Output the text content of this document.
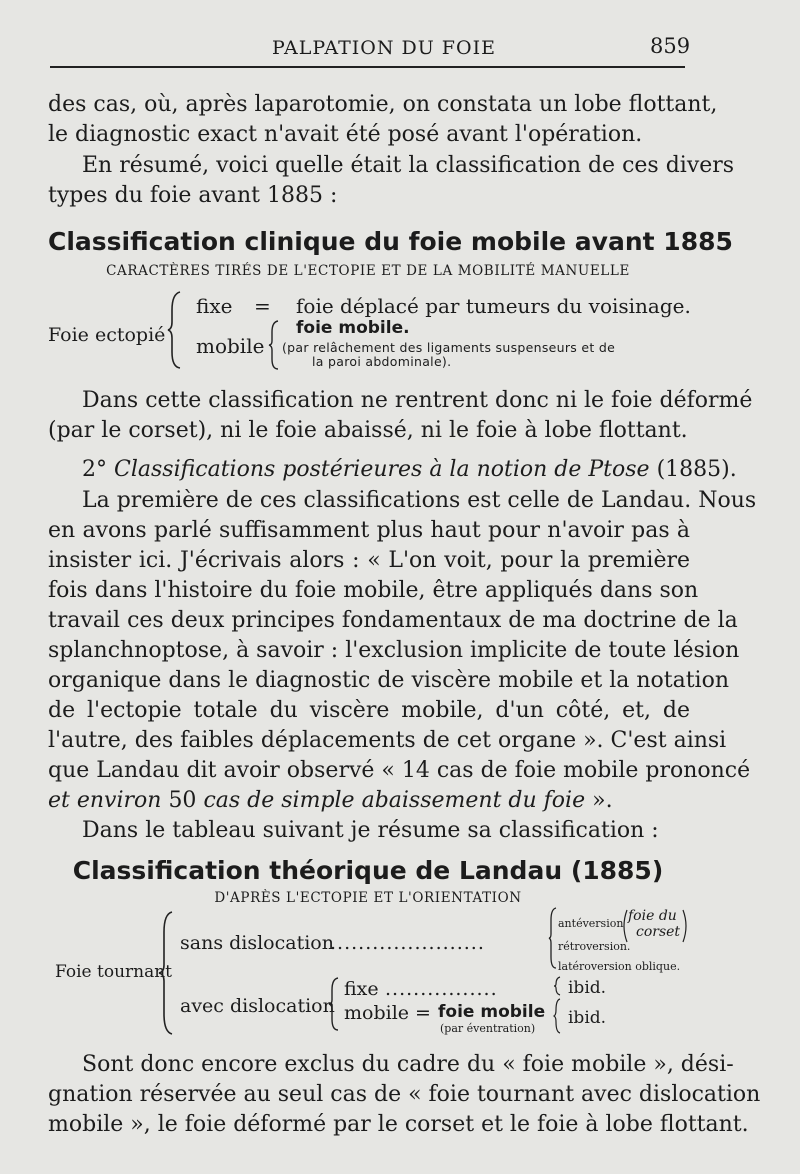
PALPATION DU FOIE	859
des cas, où, après laparotomie, on constata un lobe flottant,
le diagnostic exact n'avait été posé avant l'opération.
En résumé, voici quelle était la classification de ces divers
types du foie avant 1885 :
Classification clinique du foie mobile avant 1885
CARACTÈRES TIRÉS DE L'ECTOPIE ET DE LA MOBILITÉ MANUELLE
Foie ectopié
fixe = foie déplacé par tumeurs du voisinage.
mobile
foie mobile.
(par relâchement des ligaments suspenseurs et de
la paroi abdominale).
Dans cette classification ne rentrent donc ni le foie déformé
(par le corset), ni le foie abaissé, ni le foie à lobe flottant.
2° Classifications postérieures à la notion de Ptose (1885).
La première de ces classifications est celle de Landau. Nous
en avons parlé suffisamment plus haut pour n'avoir pas à
insister ici. J'écrivais alors : « L'on voit, pour la première
fois dans l'histoire du foie mobile, être appliqués dans son
travail ces deux principes fondamentaux de ma doctrine de la
splanchnoptose, à savoir : l'exclusion implicite de toute lésion
organique dans le diagnostic de viscère mobile et la notation
de l'ectopie totale du viscère mobile, d'un côté, et, de
l'autre, des faibles déplacements de cet organe ». C'est ainsi
que Landau dit avoir observé « 14 cas de foie mobile prononcé
et environ 50 cas de simple abaissement du foie ».
Dans le tableau suivant je résume sa classification :
Classification théorique de Landau (1885)
D'APRÈS L'ECTOPIE ET L'ORIENTATION
Foie tournant
sans dislocation
......................
antéversion foie du
corset
rétroversion.
latéroversion oblique.
avec dislocation
fixe ................
mobile = foie mobile
(par éventration)
ibid.
ibid.
Sont donc encore exclus du cadre du « foie mobile », dési-
gnation réservée au seul cas de « foie tournant avec dislocation
mobile », le foie déformé par le corset et le foie à lobe flottant.
